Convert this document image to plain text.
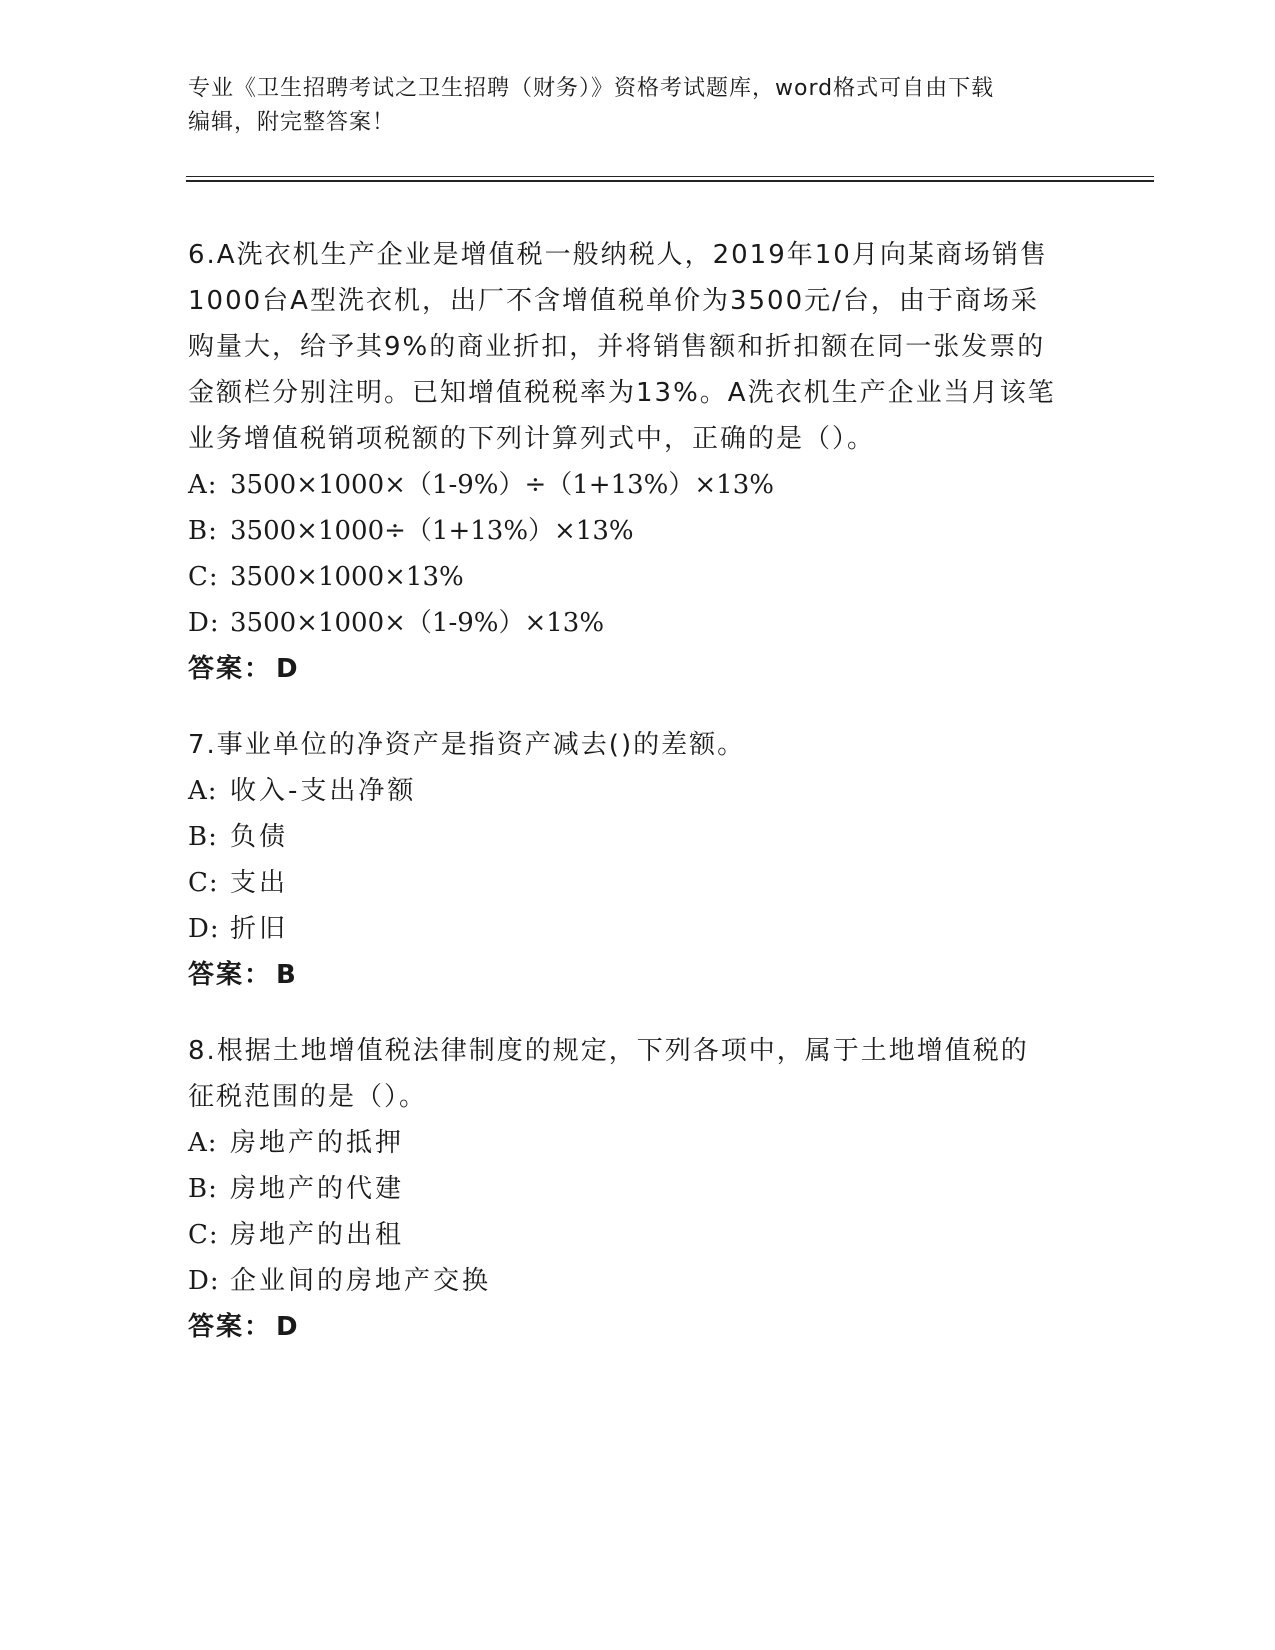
专业《卫生招聘考试之卫生招聘（财务）》资格考试题库，word格式可自由下载
编辑，附完整答案！
6.A洗衣机生产企业是增值税一般纳税人，2019年10月向某商场销售
1000台A型洗衣机，出厂不含增值税单价为3500元/台，由于商场采
购量大，给予其9%的商业折扣，并将销售额和折扣额在同一张发票的
金额栏分别注明。已知增值税税率为13%。A洗衣机生产企业当月该笔
业务增值税销项税额的下列计算列式中，正确的是（）。
A: 3500×1000×（1-9%）÷（1+13%）×13%
B: 3500×1000÷（1+13%）×13%
C: 3500×1000×13%
D: 3500×1000×（1-9%）×13%
答案： D
7.事业单位的净资产是指资产减去()的差额。
A: 收入-支出净额
B: 负债
C: 支出
D: 折旧
答案： B
8.根据土地增值税法律制度的规定，下列各项中，属于土地增值税的
征税范围的是（）。
A: 房地产的抵押
B: 房地产的代建
C: 房地产的出租
D: 企业间的房地产交换
答案： D
